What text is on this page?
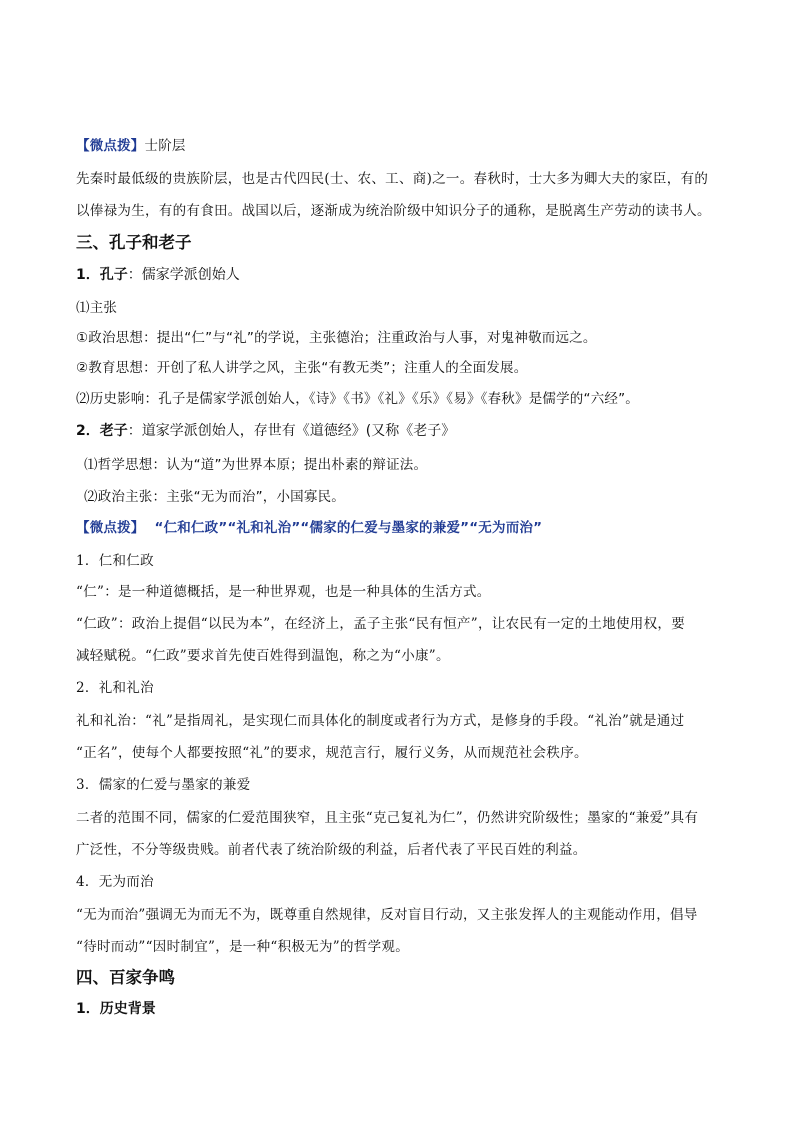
【微点拨】士阶层
先秦时最低级的贵族阶层，也是古代四民(士、农、工、商)之一。春秋时，士大多为卿大夫的家臣，有的
以俸禄为生，有的有食田。战国以后，逐渐成为统治阶级中知识分子的通称，是脱离生产劳动的读书人。
三、孔子和老子
1．孔子：儒家学派创始人
⑴主张
①政治思想：提出“仁”与“礼”的学说，主张德治；注重政治与人事，对鬼神敬而远之。
②教育思想：开创了私人讲学之风，主张“有教无类”；注重人的全面发展。
⑵历史影响：孔子是儒家学派创始人，《诗》《书》《礼》《乐》《易》《春秋》是儒学的“六经”。
2．老子：道家学派创始人，存世有《道德经》(又称《老子》
⑴哲学思想：认为“道”为世界本原；提出朴素的辩证法。
⑵政治主张：主张“无为而治”，小国寡民。
【微点拨】 “仁和仁政”“礼和礼治”“儒家的仁爱与墨家的兼爱”“无为而治”
1．仁和仁政
“仁”：是一种道德概括，是一种世界观，也是一种具体的生活方式。
“仁政”：政治上提倡“以民为本”，在经济上，孟子主张“民有恒产”，让农民有一定的土地使用权，要
减轻赋税。“仁政”要求首先使百姓得到温饱，称之为“小康”。
2．礼和礼治
礼和礼治：“礼”是指周礼，是实现仁而具体化的制度或者行为方式，是修身的手段。“礼治”就是通过
“正名”，使每个人都要按照“礼”的要求，规范言行，履行义务，从而规范社会秩序。
3．儒家的仁爱与墨家的兼爱
二者的范围不同，儒家的仁爱范围狭窄，且主张“克己复礼为仁”，仍然讲究阶级性；墨家的“兼爱”具有
广泛性，不分等级贵贱。前者代表了统治阶级的利益，后者代表了平民百姓的利益。
4．无为而治
“无为而治”强调无为而无不为，既尊重自然规律，反对盲目行动，又主张发挥人的主观能动作用，倡导
“待时而动”“因时制宜”，是一种“积极无为”的哲学观。
四、百家争鸣
1．历史背景
